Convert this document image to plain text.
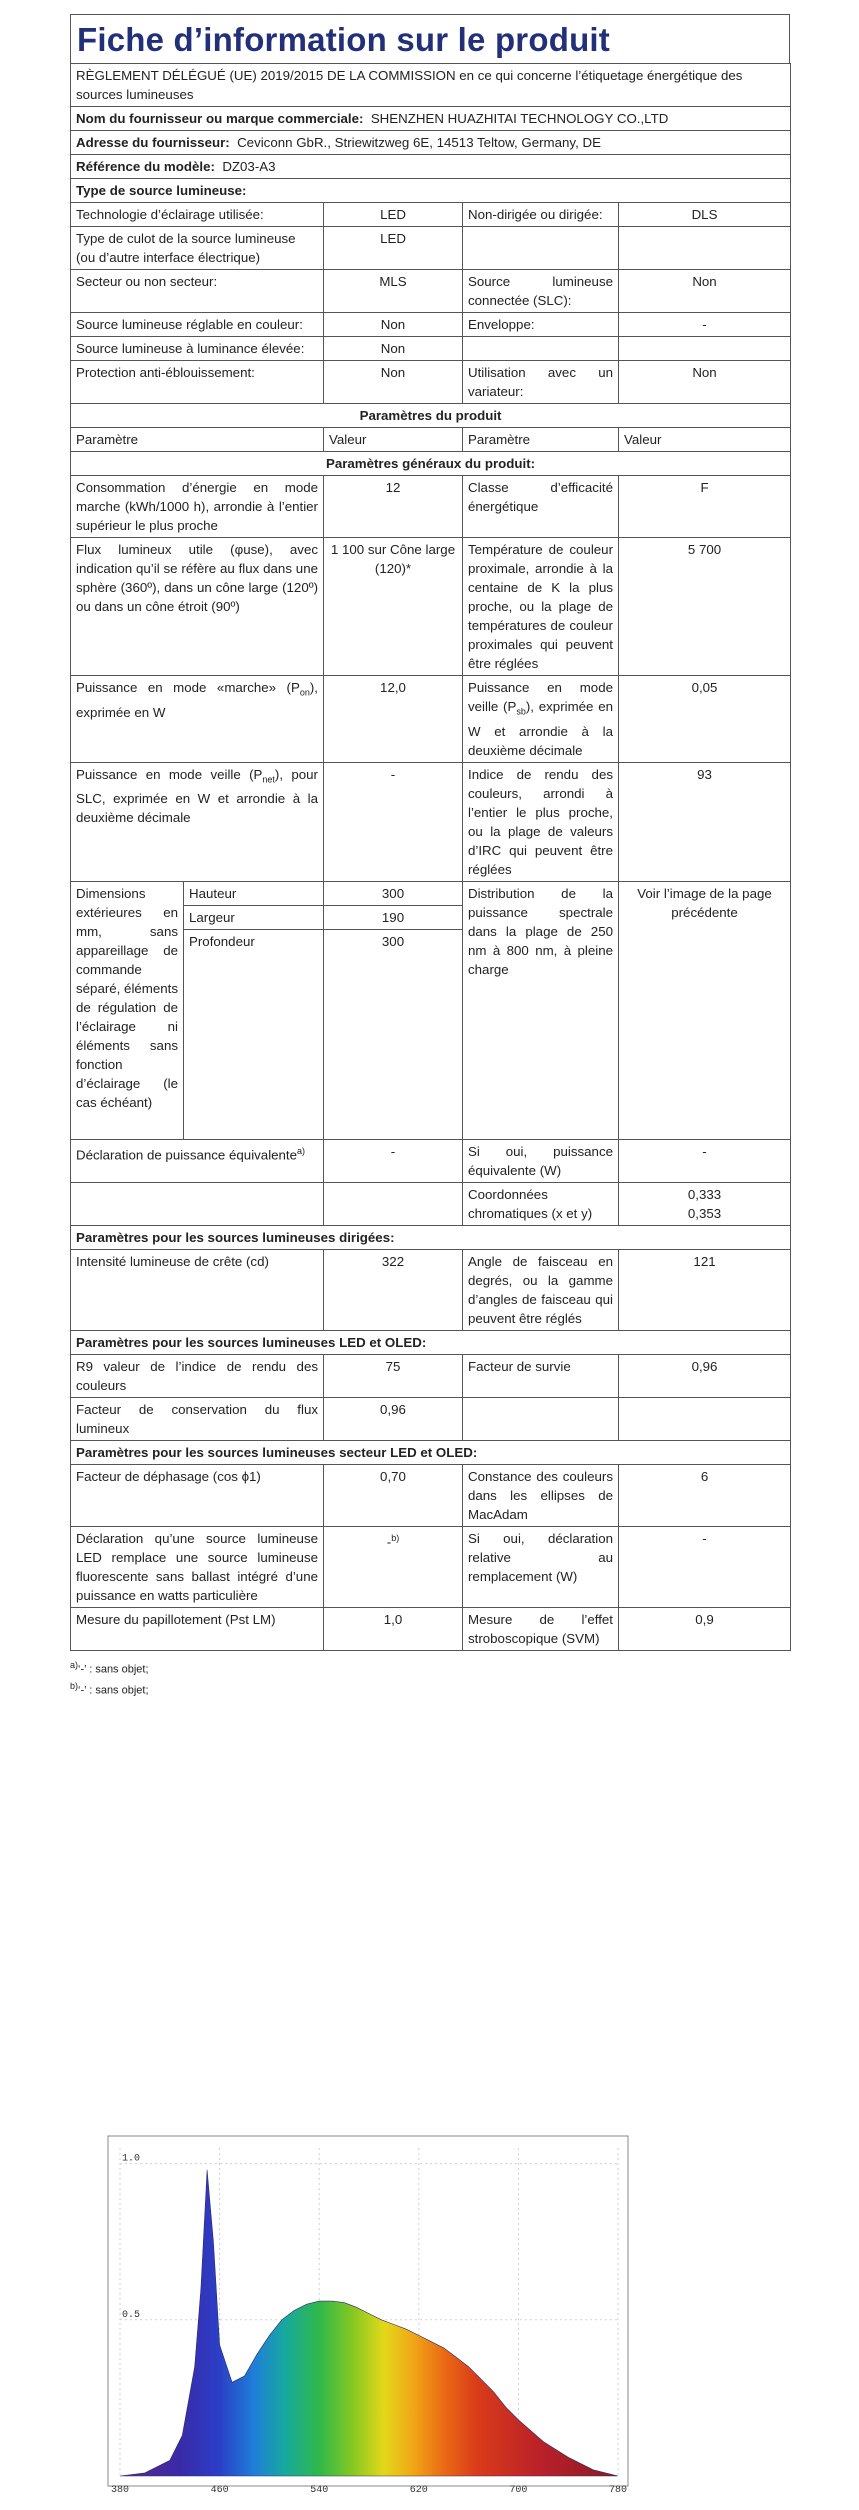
Fiche d’information sur le produit
RÈGLEMENT DÉLÉGUÉ (UE) 2019/2015 DE LA COMMISSION en ce qui concerne l’étiquetage énergétique des sources lumineuses				
Nom du fournisseur ou marque commerciale: SHENZHEN HUAZHITAI TECHNOLOGY CO.,LTD				
Adresse du fournisseur: Ceviconn GbR., Striewitzweg 6E, 14513 Teltow, Germany, DE				
Référence du modèle: DZ03-A3				
Type de source lumineuse:				
Technologie d’éclairage utilisée:		LED	Non-dirigée ou dirigée:	DLS

Type de culot de la source lumineuse
(ou d’autre interface électrique)		LED		
Secteur ou non secteur:		MLS	Source lumineuse connectée (SLC):	Non
Source lumineuse réglable en couleur:		Non	Enveloppe:	-
Source lumineuse à luminance élevée:		Non		
Protection anti-éblouissement:		Non	Utilisation avec un variateur:	Non
Paramètres du produit				
Paramètre		Valeur	Paramètre	Valeur
Paramètres généraux du produit:				
Consommation d’énergie en mode marche (kWh/1000 h), arrondie à l’entier supérieur le plus proche		12	Classe d’efficacité énergétique	F
Flux lumineux utile (φuse), avec indication qu’il se réfère au flux dans une sphère (360º), dans un cône large (120º) ou dans un cône étroit (90º)		1 100 sur Cône large (120)*	Température de couleur proximale, arrondie à la centaine de K la plus proche, ou la plage de températures de couleur proximales qui peuvent être réglées	5 700
Puissance en mode «marche» $(P_{on})$, exprimée en W		12,0	Puissance en mode veille $(P_{sb})$, exprimée en W et arrondie à la deuxième décimale	0,05
Puissance en mode veille $(P_{net})$, pour SLC, exprimée en W et arrondie à la deuxième décimale		-	Indice de rendu des couleurs, arrondi à l’entier le plus proche, ou la plage de valeurs d’IRC qui peuvent être réglées	93
Dimensions extérieures en mm, sans appareillage de commande séparé, éléments de régulation de l’éclairage ni éléments sans fonction d’éclairage (le cas échéant)	Hauteur	300	Distribution de la puissance spectrale dans la plage de 250 nm à 800 nm, à pleine charge	Voir l’image de la page précédente
	Largeur	190		
	Profondeur	300		
Déclaration de puissance équivalente$^{a)}$		-	Si oui, puissance équivalente (W)	-
			Coordonnées chromatiques (x et y)	0,333
0,353

Paramètres pour les sources lumineuses dirigées:				
Intensité lumineuse de crête (cd)		322	Angle de faisceau en degrés, ou la gamme d’angles de faisceau qui peuvent être réglés	121
Paramètres pour les sources lumineuses LED et OLED:				
R9 valeur de l’indice de rendu des couleurs		75	Facteur de survie	0,96
Facteur de conservation du flux lumineux		0,96		
Paramètres pour les sources lumineuses secteur LED et OLED:				
Facteur de déphasage (cos ϕ1)		0,70	Constance des couleurs dans les ellipses de MacAdam	6
Déclaration qu’une source lumineuse LED remplace une source lumineuse fluorescente sans ballast intégré d’une puissance en watts particulière		-$^{b)}$	Si oui, déclaration relative au remplacement (W)	-
Mesure du papillotement (Pst LM)		1,0	Mesure de l’effet stroboscopique (SVM)	0,9
$^{a)}$‘-’ : sans objet;
$^{b)}$‘-’ : sans objet;
380	460	540	620	700	780
0.5
1.0
